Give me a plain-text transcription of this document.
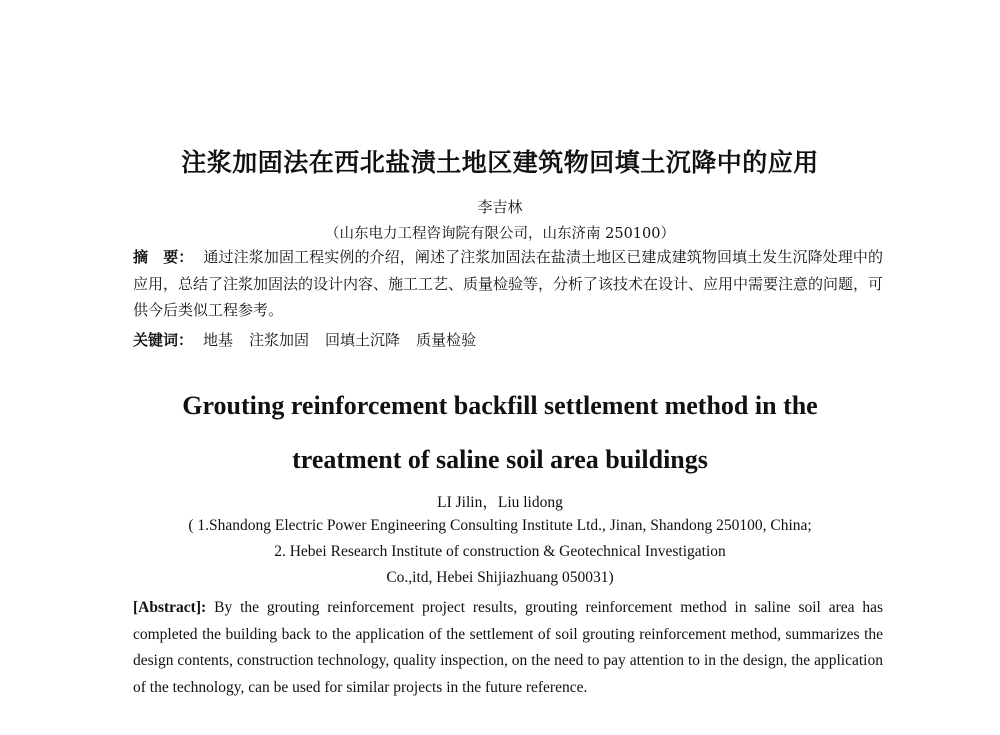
注浆加固法在西北盐渍土地区建筑物回填土沉降中的应用
李吉林
（山东电力工程咨询院有限公司，山东济南 250100）

摘　要： 通过注浆加固工程实例的介绍，阐述了注浆加固法在盐渍土地区已建成建筑物回填土发生沉降处理中的应用，总结了注浆加固法的设计内容、施工工艺、质量检验等，分析了该技术在设计、应用中需要注意的问题，可供今后类似工程参考。

关键词： 地基 注浆加固 回填土沉降 质量检验

Grouting reinforcement backfill settlement method in the
treatment of saline soil area buildings
LI Jilin，Liu lidong
( 1.Shandong Electric Power Engineering Consulting Institute Ltd., Jinan, Shandong 250100, China;
2. Hebei Research Institute of construction & Geotechnical Investigation
Co.,itd, Hebei Shijiazhuang 050031)

[Abstract]: By the grouting reinforcement project results, grouting reinforcement method in saline soil area has completed the building back to the application of the settlement of soil grouting reinforcement method, summarizes the design contents, construction technology, quality inspection, on the need to pay attention to in the design, the application of the technology, can be used for similar projects in the future reference.
